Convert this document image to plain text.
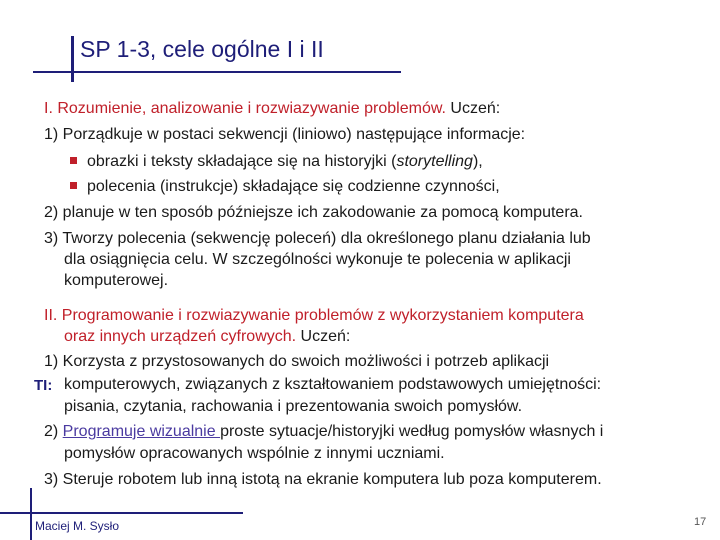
SP 1-3, cele ogólne I i II
I. Rozumienie, analizowanie i rozwiazywanie problemów. Uczeń:
1) Porządkuje w postaci sekwencji (liniowo) następujące informacje:
obrazki i teksty składające się na historyjki (storytelling),
polecenia (instrukcje) składające się codzienne czynności,
2) planuje w ten sposób późniejsze ich zakodowanie za pomocą komputera.
3) Tworzy polecenia (sekwencję poleceń) dla określonego planu działania lub
dla osiągnięcia celu. W szczególności wykonuje te polecenia w aplikacji
komputerowej.
II. Programowanie i rozwiazywanie problemów z wykorzystaniem komputera
oraz innych urządzeń cyfrowych. Uczeń:
1) Korzysta z przystosowanych do swoich możliwości i potrzeb aplikacji
komputerowych, związanych z kształtowaniem podstawowych umiejętności:
pisania, czytania, rachowania i prezentowania swoich pomysłów.
2) Programuje wizualnie proste sytuacje/historyjki według pomysłów własnych i
pomysłów opracowanych wspólnie z innymi uczniami.
3) Steruje robotem lub inną istotą na ekranie komputera lub poza komputerem.
TI:
Maciej M. Sysło	17
